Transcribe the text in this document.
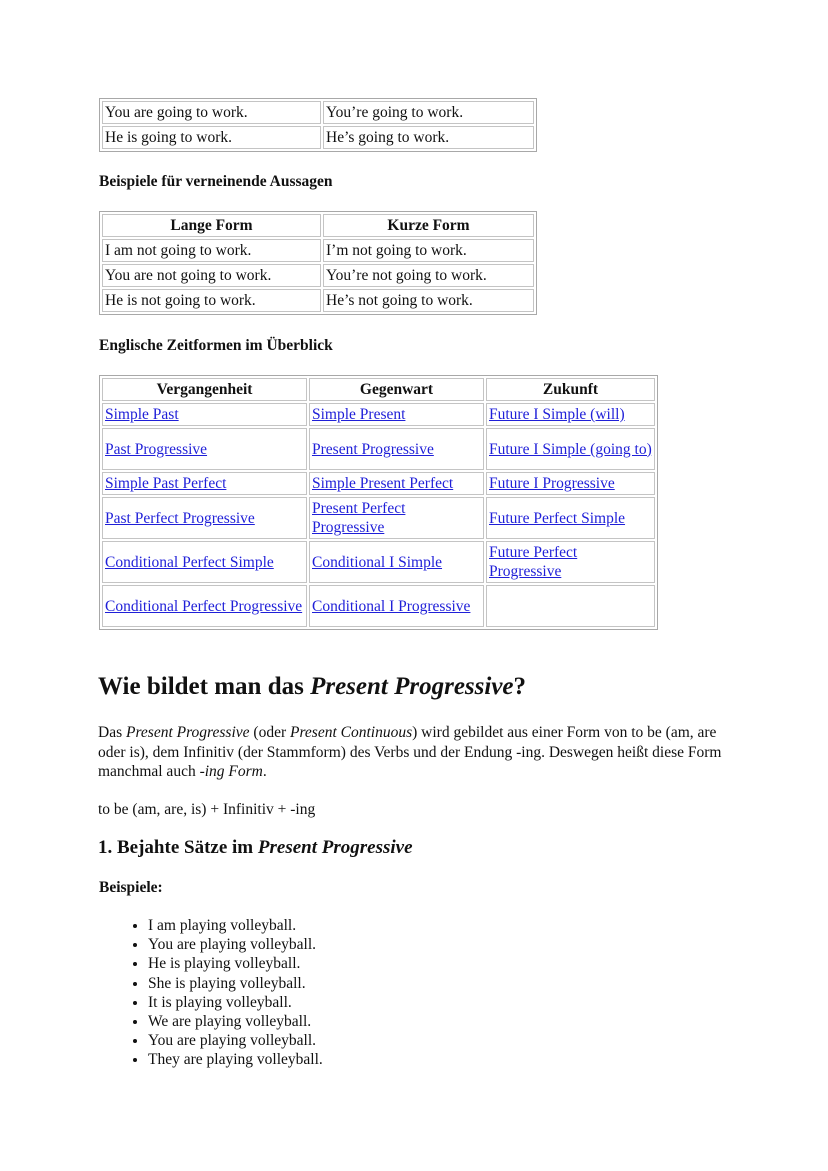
You are going to work.	You’re going to work.
He is going to work.	He’s going to work.
Beispiele für verneinende Aussagen
Lange Form	Kurze Form
I am not going to work.	I’m not going to work.
You are not going to work.	You’re not going to work.
He is not going to work.	He’s not going to work.
Englische Zeitformen im Überblick
Vergangenheit	Gegenwart	Zukunft
Simple Past	Simple Present	Future I Simple (will)
Past Progressive	Present Progressive	Future I Simple (going to)
Simple Past Perfect	Simple Present Perfect	Future I Progressive
Past Perfect Progressive	Present Perfect Progressive	Future Perfect Simple
Conditional Perfect Simple	Conditional I Simple	Future Perfect Progressive
Conditional Perfect Progressive	Conditional I Progressive	
Wie bildet man das Present Progressive?

Das Present Progressive (oder Present Continuous) wird gebildet aus einer Form von to be (am, are oder is), dem Infinitiv (der Stammform) des Verbs und der Endung -ing. Deswegen heißt diese Form manchmal auch -ing Form.

to be (am, are, is) + Infinitiv + -ing

1. Bejahte Sätze im Present Progressive
Beispiele:
• I am playing volleyball.
• You are playing volleyball.
• He is playing volleyball.
• She is playing volleyball.
• It is playing volleyball.
• We are playing volleyball.
• You are playing volleyball.
• They are playing volleyball.
